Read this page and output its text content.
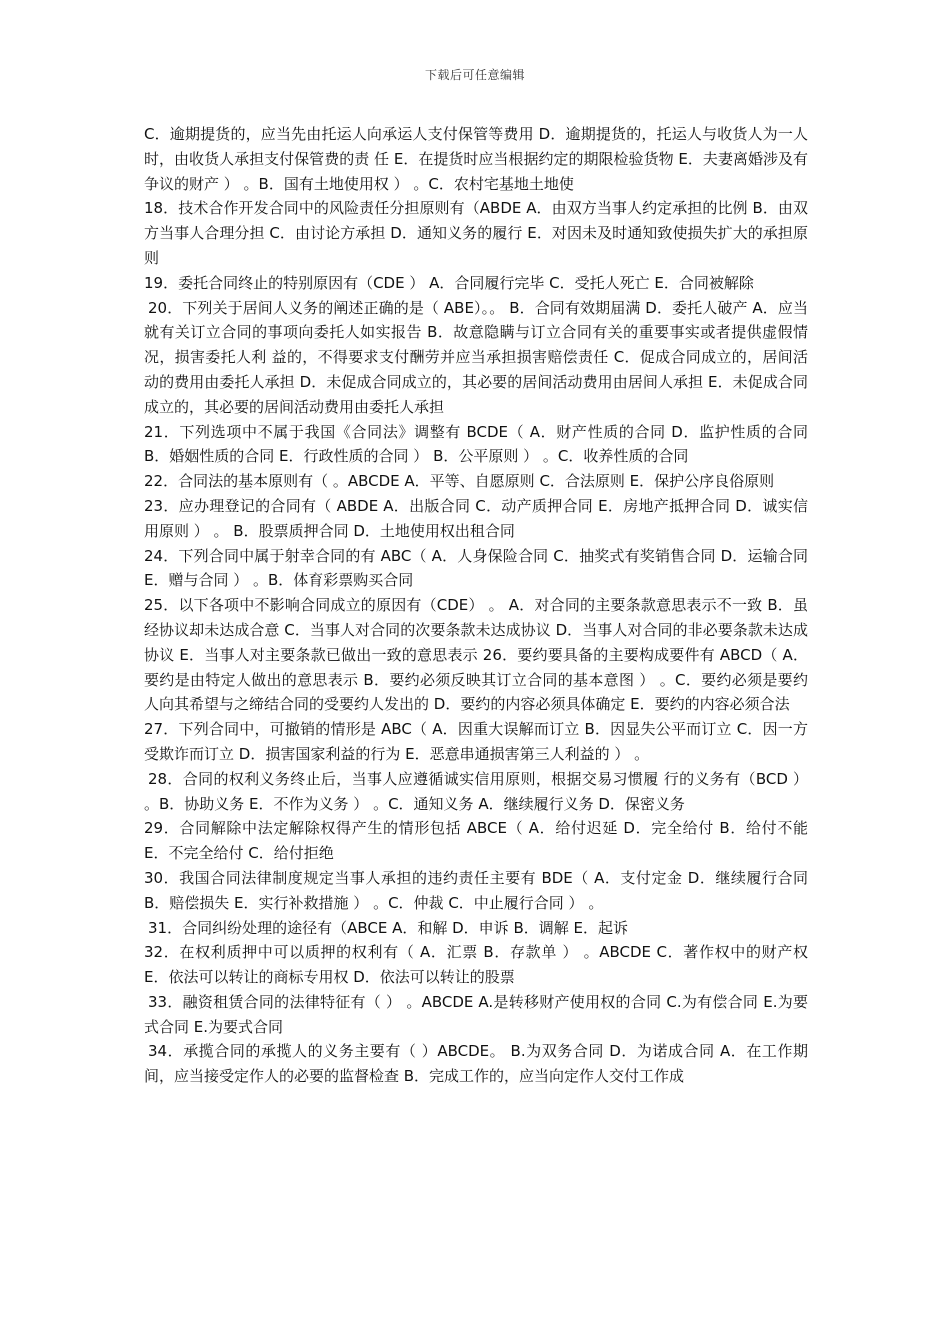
下载后可任意编辑

C．逾期提货的，应当先由托运人向承运人支付保管等费用 D．逾期提货的，托运人与收货人为一人时，由收货人承担支付保管费的责 任 E．在提货时应当根据约定的期限检验货物 E．夫妻离婚涉及有争议的财产 ） 。B．国有土地使用权 ） 。C．农村宅基地土地使

18．技术合作开发合同中的风险责任分担原则有（ABDE A．由双方当事人约定承担的比例 B．由双方当事人合理分担 C．由讨论方承担 D．通知义务的履行 E．对因未及时通知致使损失扩大的承担原则

19．委托合同终止的特别原因有（CDE ） A．合同履行完毕 C．受托人死亡 E．合同被解除

20．下列关于居间人义务的阐述正确的是（ ABE）。。 B．合同有效期届满 D．委托人破产 A．应当就有关订立合同的事项向委托人如实报告 B．故意隐瞒与订立合同有关的重要事实或者提供虚假情况，损害委托人利 益的，不得要求支付酬劳并应当承担损害赔偿责任 C．促成合同成立的，居间活动的费用由委托人承担 D．未促成合同成立的，其必要的居间活动费用由居间人承担 E．未促成合同成立的，其必要的居间活动费用由委托人承担

21．下列选项中不属于我国《合同法》调整有 BCDE（ A．财产性质的合同 D．监护性质的合同 B．婚姻性质的合同 E．行政性质的合同 ） B．公平原则 ） 。C．收养性质的合同

22．合同法的基本原则有（ 。ABCDE A．平等、自愿原则 C．合法原则 E．保护公序良俗原则

23．应办理登记的合同有（ ABDE A．出版合同 C．动产质押合同 E．房地产抵押合同 D．诚实信用原则 ） 。 B．股票质押合同 D．土地使用权出租合同

24．下列合同中属于射幸合同的有 ABC（ A．人身保险合同 C．抽奖式有奖销售合同 D．运输合同 E．赠与合同 ） 。B．体育彩票购买合同

25．以下各项中不影响合同成立的原因有（CDE） 。 A．对合同的主要条款意思表示不一致 B．虽经协议却未达成合意 C．当事人对合同的次要条款未达成协议 D．当事人对合同的非必要条款未达成协议 E．当事人对主要条款已做出一致的意思表示 26．要约要具备的主要构成要件有 ABCD（ A．要约是由特定人做出的意思表示 B．要约必须反映其订立合同的基本意图 ） 。C．要约必须是要约人向其希望与之缔结合同的受要约人发出的 D．要约的内容必须具体确定 E．要约的内容必须合法

27．下列合同中，可撤销的情形是 ABC（ A．因重大误解而订立 B．因显失公平而订立 C．因一方受欺诈而订立 D．损害国家利益的行为 E．恶意串通损害第三人利益的 ） 。

28．合同的权利义务终止后，当事人应遵循诚实信用原则，根据交易习惯履 行的义务有（BCD ） 。B．协助义务 E．不作为义务 ） 。C．通知义务 A．继续履行义务 D．保密义务

29．合同解除中法定解除权得产生的情形包括 ABCE（ A．给付迟延 D．完全给付 B．给付不能 E．不完全给付 C．给付拒绝

30．我国合同法律制度规定当事人承担的违约责任主要有 BDE（ A．支付定金 D．继续履行合同 B．赔偿损失 E．实行补救措施 ） 。C．仲裁 C．中止履行合同 ） 。

31．合同纠纷处理的途径有（ABCE A．和解 D．申诉 B．调解 E．起诉

32．在权利质押中可以质押的权利有（ A．汇票 B．存款单 ） 。ABCDE C．著作权中的财产权 E．依法可以转让的商标专用权 D．依法可以转让的股票

33．融资租赁合同的法律特征有（ ） 。ABCDE A.是转移财产使用权的合同 C.为有偿合同 E.为要式合同 E.为要式合同

34．承揽合同的承揽人的义务主要有（ ）ABCDE。 B.为双务合同 D．为诺成合同 A．在工作期间，应当接受定作人的必要的监督检查 B．完成工作的，应当向定作人交付工作成
